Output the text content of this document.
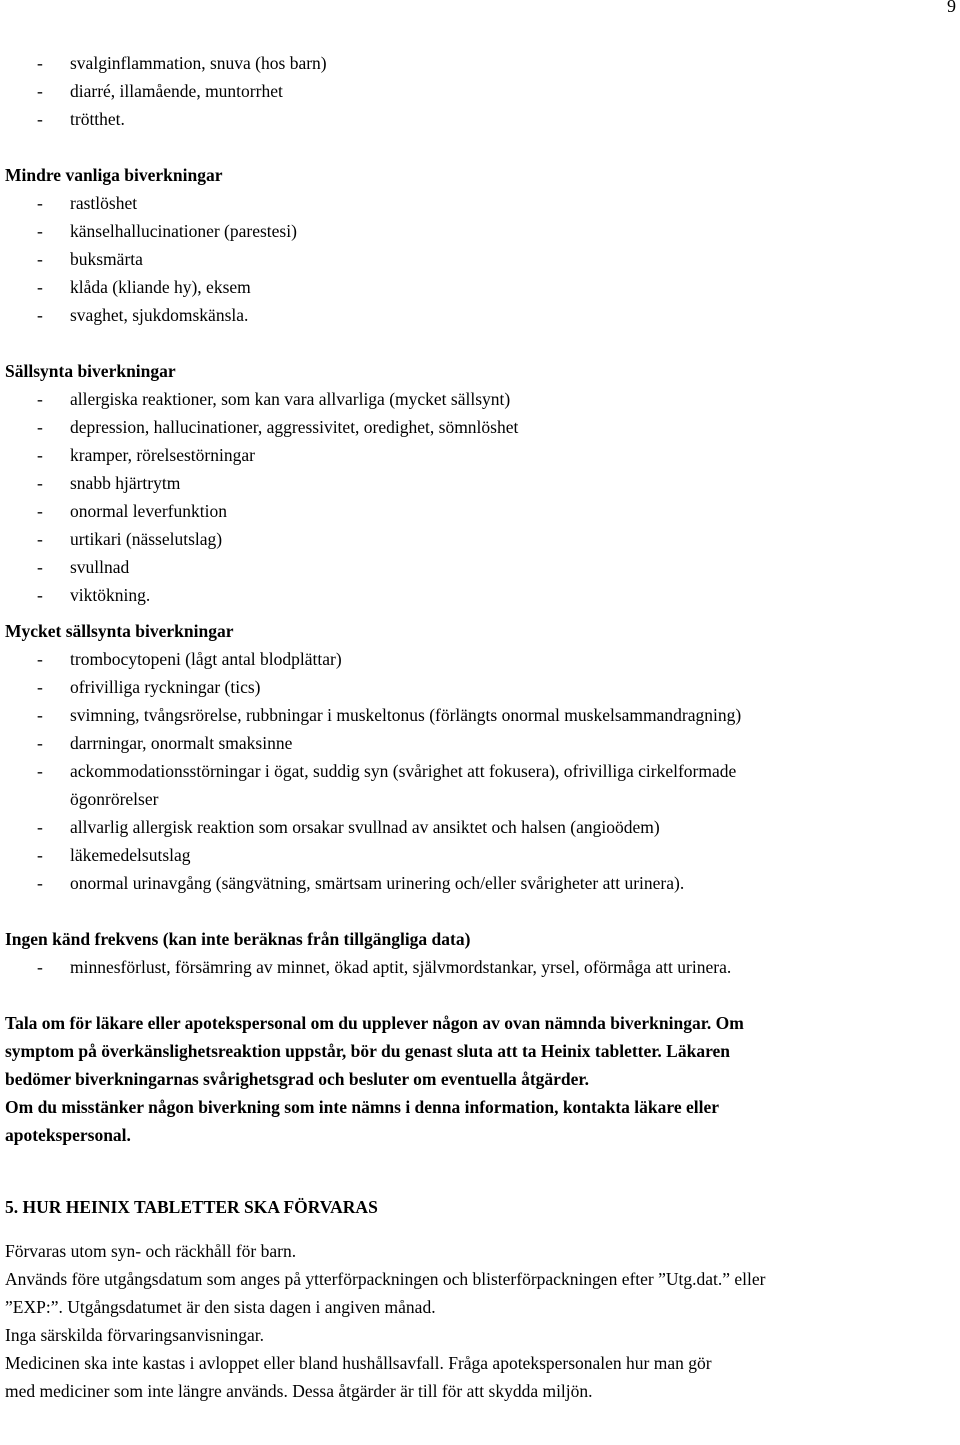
9
- svalginflammation, snuva (hos barn)
- diarré, illamående, muntorrhet
- trötthet.
Mindre vanliga biverkningar
- rastlöshet
- känselhallucinationer (parestesi)
- buksmärta
- klåda (kliande hy), eksem
- svaghet, sjukdomskänsla.
Sällsynta biverkningar
- allergiska reaktioner, som kan vara allvarliga (mycket sällsynt)
- depression, hallucinationer, aggressivitet, oredighet, sömnlöshet
- kramper, rörelsestörningar
- snabb hjärtrytm
- onormal leverfunktion
- urtikari (nässelutslag)
- svullnad
- viktökning.
Mycket sällsynta biverkningar
- trombocytopeni (lågt antal blodplättar)
- ofrivilliga ryckningar (tics)
- svimning, tvångsrörelse, rubbningar i muskeltonus (förlängts onormal muskelsammandragning)
- darrningar, onormalt smaksinne
- ackommodationsstörningar i ögat, suddig syn (svårighet att fokusera), ofrivilliga cirkelformade
ögonrörelser
- allvarlig allergisk reaktion som orsakar svullnad av ansiktet och halsen (angioödem)
- läkemedelsutslag
- onormal urinavgång (sängvätning, smärtsam urinering och/eller svårigheter att urinera).
Ingen känd frekvens (kan inte beräknas från tillgängliga data)
- minnesförlust, försämring av minnet, ökad aptit, självmordstankar, yrsel, oförmåga att urinera.
Tala om för läkare eller apotekspersonal om du upplever någon av ovan nämnda biverkningar. Om
symptom på överkänslighetsreaktion uppstår, bör du genast sluta att ta Heinix tabletter. Läkaren
bedömer biverkningarnas svårighetsgrad och besluter om eventuella åtgärder.
Om du misstänker någon biverkning som inte nämns i denna information, kontakta läkare eller
apotekspersonal.
5. HUR HEINIX TABLETTER SKA FÖRVARAS
Förvaras utom syn- och räckhåll för barn.
Används före utgångsdatum som anges på ytterförpackningen och blisterförpackningen efter ”Utg.dat.” eller
”EXP:”. Utgångsdatumet är den sista dagen i angiven månad.
Inga särskilda förvaringsanvisningar.
Medicinen ska inte kastas i avloppet eller bland hushållsavfall. Fråga apotekspersonalen hur man gör
med mediciner som inte längre används. Dessa åtgärder är till för att skydda miljön.
